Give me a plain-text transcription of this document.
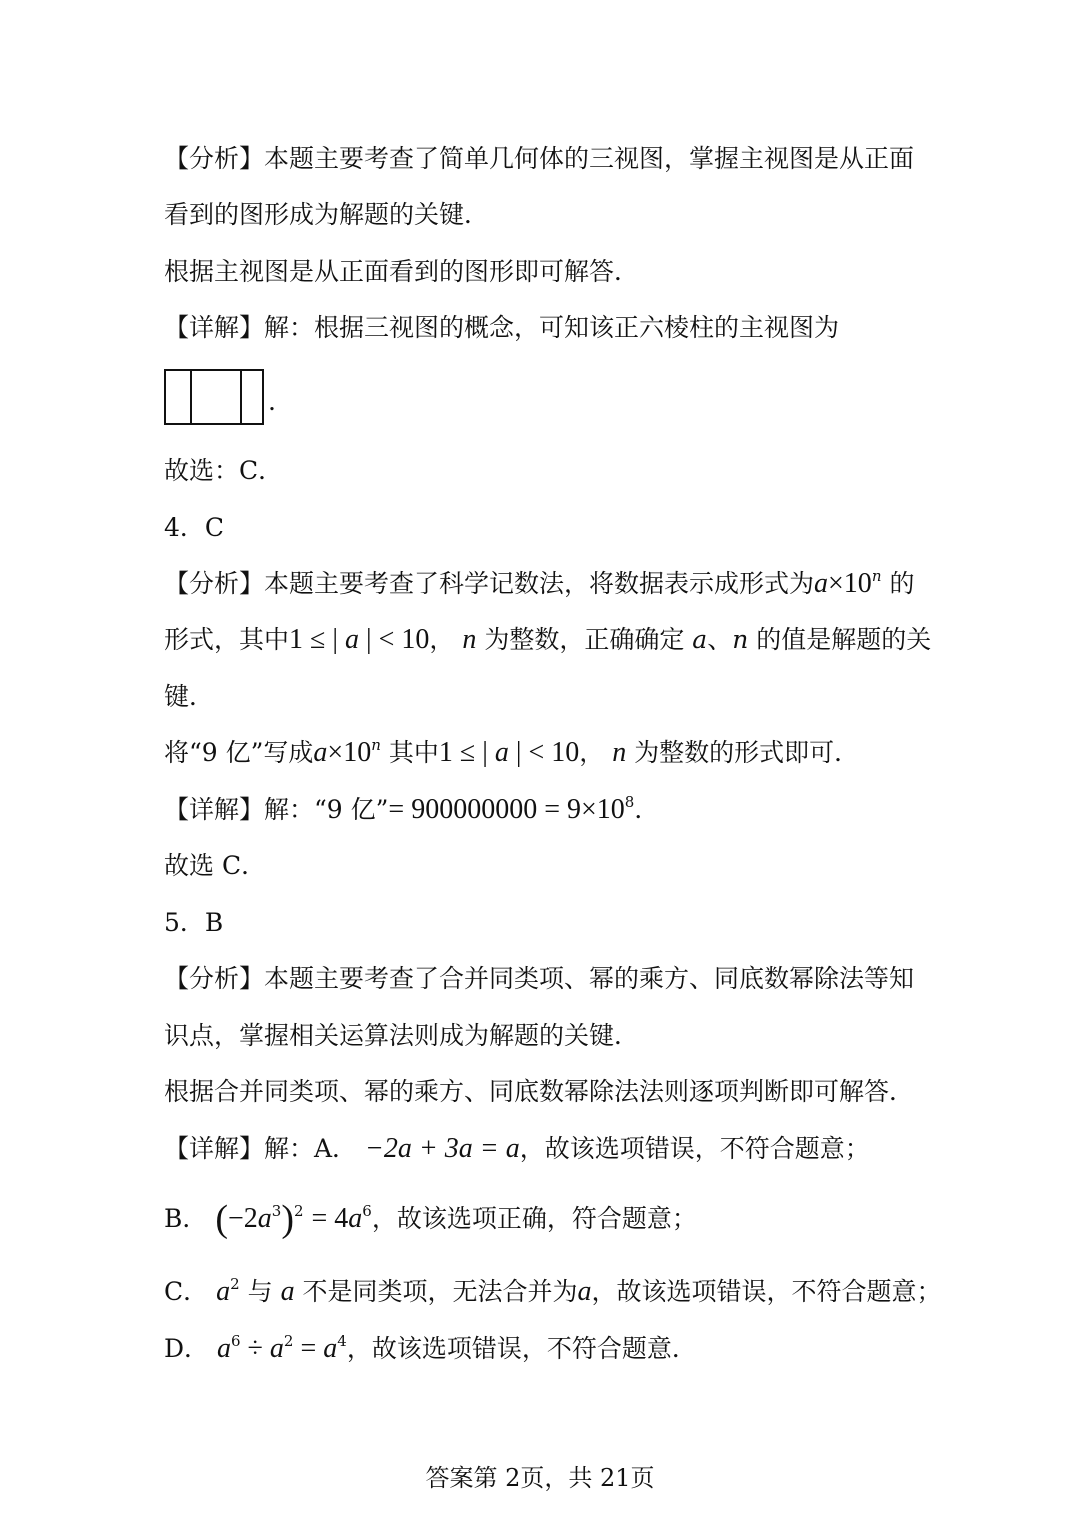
【分析】本题主要考查了简单几何体的三视图，掌握主视图是从正面
看到的图形成为解题的关键．
根据主视图是从正面看到的图形即可解答．
【详解】解：根据三视图的概念，可知该正六棱柱的主视图为
.
故选：C．
4．C
【分析】本题主要考查了科学记数法，将数据表示成形式为$a\times 10^n$ 的
形式，其中1 ≤ | a | < 10， n 为整数，正确确定 a、n 的值是解题的关
键．
将“9 亿”写成$a\times 10^n$ 其中1 ≤ | a | < 10， n 为整数的形式即可．
【详解】解：“9 亿”= $900000000 = 9\times 10^8$．
故选 C．
5．B
【分析】本题主要考查了合并同类项、幂的乘方、同底数幂除法等知
识点，掌握相关运算法则成为解题的关键．
根据合并同类项、幂的乘方、同底数幂除法法则逐项判断即可解答．
【详解】解：A． −2a + 3a = a，故该选项错误，不符合题意；
B． $(-2a^3)^2 = 4a^6$，故该选项正确，符合题意；
C． $a^2$ 与 a 不是同类项，无法合并为a，故该选项错误，不符合题意；
D． $a^6 \div a^2 = a^4$，故该选项错误，不符合题意．
答案第 2页，共 21页
